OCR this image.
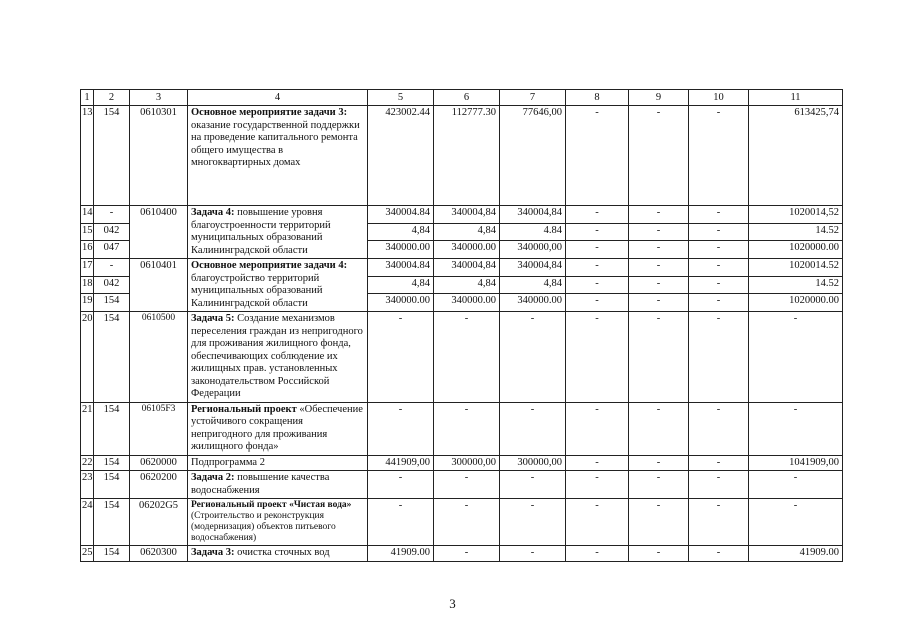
1	2	3	4	5	6	7	8	9	10	11
13	154	0610301	Основное мероприятие задачи 3: оказание государственной поддержки на проведение капитального ремонта общего имущества в многоквартирных домах	423002.44	112777.30	77646,00	-	-	-	613425,74
14	-	0610400	Задача 4: повышение уровня благоустроенности территорий муниципальных образований Калининградской области	340004.84	340004,84	340004,84	-	-	-	1020014,52
15	042			4,84	4,84	4.84	-	-	-	14.52
16	047			340000.00	340000.00	340000,00	-	-	-	1020000.00
17	-	0610401	Основное мероприятие задачи 4: благоустройство территорий муниципальных образований Калининградской области	340004.84	340004,84	340004,84	-	-	-	1020014.52
18	042			4,84	4,84	4,84	-	-	-	14.52
19	154			340000.00	340000.00	340000.00	-	-	-	1020000.00
20	154	0610500	Задача 5: Создание механизмов переселения граждан из непригодного для проживания жилищного фонда, обеспечивающих соблюдение их жилищных прав. установленных законодательством Российской Федерации	-	-	-	-	-	-	-
21	154	06105F3	Региональный проект «Обеспечение устойчивого сокращения непригодного для проживания жилищного фонда»	-	-	-	-	-	-	-
22	154	0620000	Подпрограмма 2	441909,00	300000,00	300000,00	-	-	-	1041909,00
23	154	0620200	Задача 2: повышение качества водоснабжения	-	-	-	-	-	-	-
24	154	06202G5	Региональный проект «Чистая вода» (Строительство и реконструкция (модернизация) объектов питьевого водоснабжения)	-	-	-	-	-	-	-
25	154	0620300	Задача 3: очистка сточных вод	41909.00	-	-	-	-	-	41909.00
3
